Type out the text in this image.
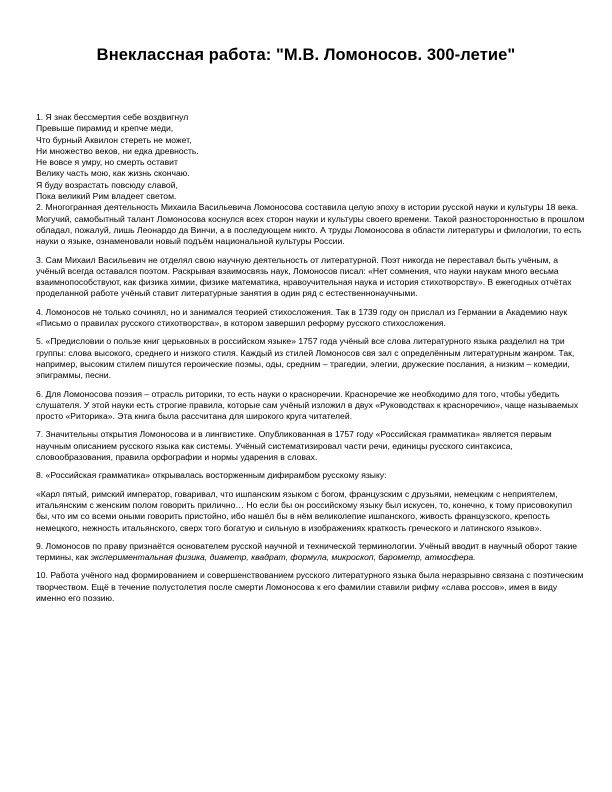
Внеклассная работа: "М.В. Ломоносов. 300-летие"
1. Я знак бессмертия себе воздвигнул
Превыше пирамид и крепче меди,
Что бурный Аквилон стереть не может,
Ни множество веков, ни едка древность.
Не вовсе я умру, но смерть оставит
Велику часть мою, как жизнь скончаю.
Я буду возрастать повсюду славой,
Пока великий Рим владеет светом.

2. Многогранная деятельность Михаила Васильевича Ломоносова составила целую эпоху в истории русской науки и культуры 18 века. Могучий, самобытный талант Ломоносова коснулся всех сторон науки и культуры своего времени. Такой разносторонностью в прошлом обладал, пожалуй, лишь Леонардо да Винчи, а в последующем никто. А труды Ломоносова в области литературы и филологии, то есть науки о языке, ознаменовали новый подъём национальной культуры России.

3. Сам Михаил Васильевич не отделял свою научную деятельность от литературной. Поэт никогда не переставал быть учёным, а учёный всегда оставался поэтом. Раскрывая взаимосвязь наук, Ломоносов писал: «Нет сомнения, что науки наукам много весьма взаимнопособствуют, как физика химии, физике математика, нравоучительная наука и история стихотворству». В ежегодных отчётах проделанной работе учёный ставит литературные занятия в один ряд с естественнонаучными.

4. Ломоносов не только сочинял, но и занимался теорией стихосложения. Так в 1739 году он прислал из Германии в Академию наук «Письмо о правилах русского стихотворства», в котором завершил реформу русского стихосложения.

5. «Предисловии о пользе книг церьковных в российском языке» 1757 года учёный все слова литературного языка разделил на три группы: слова высокого, среднего и низкого стиля. Каждый из стилей Ломоносов свя зал с определённым литературным жанром. Так, например, высоким стилем пишутся героические поэмы, оды, средним – трагедии, элегии, дружеские послания, а низким – комедии, эпиграммы, песни.

6. Для Ломоносова поэзия – отрасль риторики, то есть науки о красноречии. Красноречие же необходимо для того, чтобы убедить слушателя. У этой науки есть строгие правила, которые сам учёный изложил в двух «Руководствах к красноречию», чаще называемых просто «Риторика». Эта книга была рассчитана для широкого круга читателей.

7. Значительны открытия Ломоносова и в лингвистике. Опубликованная в 1757 году «Российская грамматика» является первым научным описанием русского языка как системы. Учёный систематизировал части речи, единицы русского синтаксиса, словообразования, правила орфографии и нормы ударения в словах.

8. «Российская грамматика» открывалась восторженным дифирамбом русскому языку:

«Карл пятый, римский император, говаривал, что ишпанским языком с богом, французским с друзьями, немецким с неприятелем, итальянским с женским полом говорить прилично… Но если бы он российскому языку был искусен, то, конечно, к тому присовокупил бы, что им со всеми оными говорить пристойно, ибо нашёл бы в нём великолепие ишпанского, живость французского, крепость немецкого, нежность итальянского, сверх того богатую и сильную в изображениях краткость греческого и латинского языков».

9. Ломоносов по праву признаётся основателем русской научной и технической терминологии. Учёный вводит в научный оборот такие термины, как экспериментальная физика, диаметр, квадрат, формула, микроскоп, барометр, атмосфера.

10. Работа учёного над формированием и совершенствованием русского литературного языка была неразрывно связана с поэтическим творчеством. Ещё в течение полустолетия после смерти Ломоносова к его фамилии ставили рифму «слава россов», имея в виду именно его поэзию.
